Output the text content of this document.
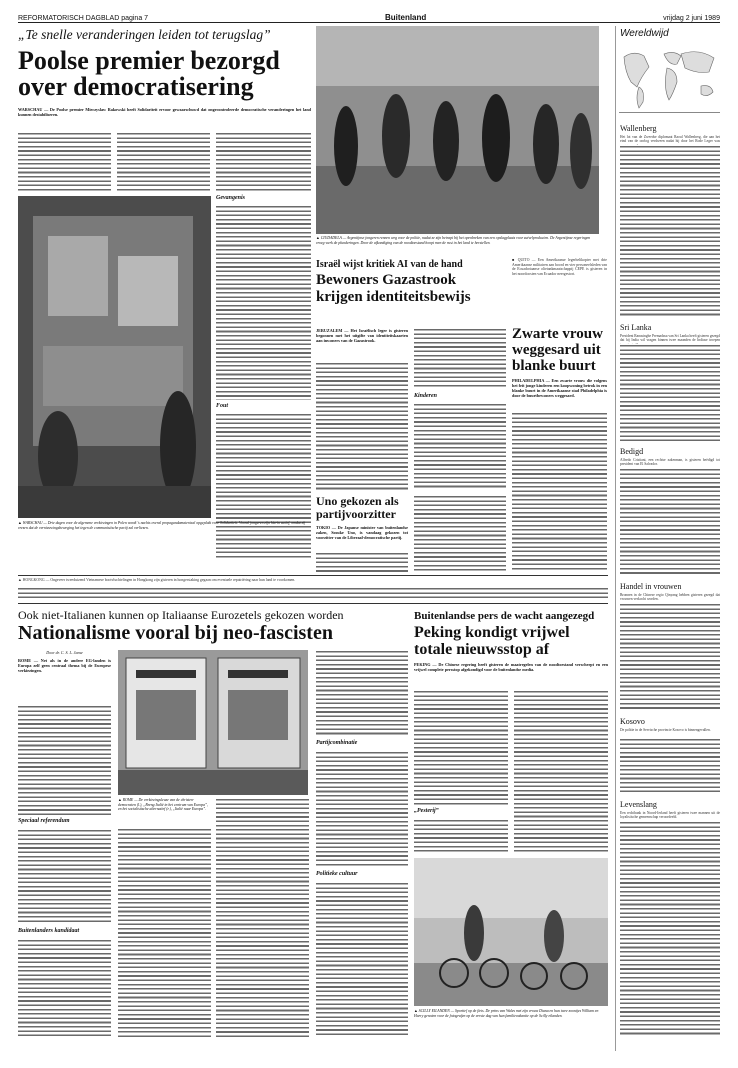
REFORMATORISCH DAGBLAD pagina 7	Buitenland	vrijdag 2 juni 1989
„Te snelle veranderingen leiden tot terugslag”
Poolse premier bezorgd over democratisering
WARSCHAU — De Poolse premier Mieczyslaw Rakowski heeft Solidariteit ervoor gewaarschuwd dat ongecontroleerde democratische veranderingen het land kunnen destabiliseren.
Gevangenis
Fout
▲ WARSCHAU — Drie dagen voor de algemene verkiezingen in Polen wordt 's nachts overal propagandamateriaal opgeplakt voor Solidariteit. Vooral jongeren zijn hierin actief, omdat zij vrezen dat de vernieuwingsbeweging het tegen de communistische partij zal verliezen.
▲ CIUDADELA — Argentijnse jongeren rennen weg voor de politie, nadat ze zijn betrapt bij het openbreken van een opslagplaats voor zuivelproducten. De Argentijnse regeringen vroeg werk de plunderingen. Door de afkondiging van de noodtoestand hoopt men de rust in het land te herstellen.
Israël wijst kritiek AI van de hand
Bewoners Gazastrook krijgen identiteitsbewijs
JERUZALEM — Het Israëlisch leger is gisteren begonnen met het uitgifte van identiteitskaarten aan inwoners van de Gazastrook.
Kinderen
Uno gekozen als partijvoorzitter
TOKIO — De Japanse minister van buitenlandse zaken, Sosuke Uno, is vandaag gekozen tot voorzitter van de Liberaal-democratische partij.
■ QUITO — Een Amerikaanse legerhelikopter met drie Amerikaanse militairen aan boord en vier personeelsleden van de Ecuadoriaanse olietankmaatschappij CEPE is gisteren in het noordoosten van Ecuador neergestort.
Zwarte vrouw weggesard uit blanke buurt
PHILADELPHIA — Een zwarte vrouw die volgens het feit jonge kinderen een koopwoning betrok in een blanke buurt in de Amerikaanse stad Philadelphia is door de buurtbewoners weggesard.
Wereldwijd
Wallenberg
Het lot van de Zweedse diplomaat Raoul Wallenberg, die aan het eind van de oorlog verdween nadat hij door het Rode Leger was
Sri Lanka
President Ranasinghe Premadasa van Sri Lanka heeft gisteren gezegd dat hij India wil vragen binnen twee maanden de Indiase troepen
Bedigd
Alfredo Cristiani, een rechtse zakenman, is gisteren beëdigd tot president van El Salvador.
Handel in vrouwen
Bronnen in de Chinese regio Qinyang hebben gisteren gezegd dat vrouwen verkocht worden.
Kosovo
De politie in de Servische provincie Kosovo is binnengevallen.
Levenslang
Een rechtbank in Noord-Ierland heeft gisteren twee mannen uit de loyalistische gemeenschap veroordeeld.
▲ HONGKONG — Ongeveer tweeduizend Vietnamese bootvluchtelingen in Hongkong zijn gisteren in hongerstaking gegaan om eventuele repatriëring naar hun land te voorkomen.
Ook niet-Italianen kunnen op Italiaanse Eurozetels gekozen worden
Nationalisme vooral bij neo-fascisten
Door dr. C. S. L. Janse
ROME — Net als in de andere EG-landen is Europa zelf geen centraal thema bij de Europese verkiezingen.
Speciaal referendum
Buitenlanders kandidaat
▲ ROME — De verkiezingsleuze van de christen-democraten (l.), „Breng Italië in het centrum van Europa”, en het socialistische alternatief (r.), „Italië naar Europa”.
Partijcombinatie
Politieke cultuur
Buitenlandse pers de wacht aangezegd
Peking kondigt vrijwel totale nieuwsstop af
PEKING — De Chinese regering heeft gisteren de maatregelen van de noodtoestand verscherpt en een vrijwel complete persstop afgekondigd voor de buitenlandse media.
„Pesterij”
▲ SCILLY EILANDEN — Sportief op de fiets. De prins van Wales met zijn vrouw Diana en hun twee zoontjes William en Harry genoten voor de fotografen op de eerste dag van hun familievakantie op de Scilly eilanden.
